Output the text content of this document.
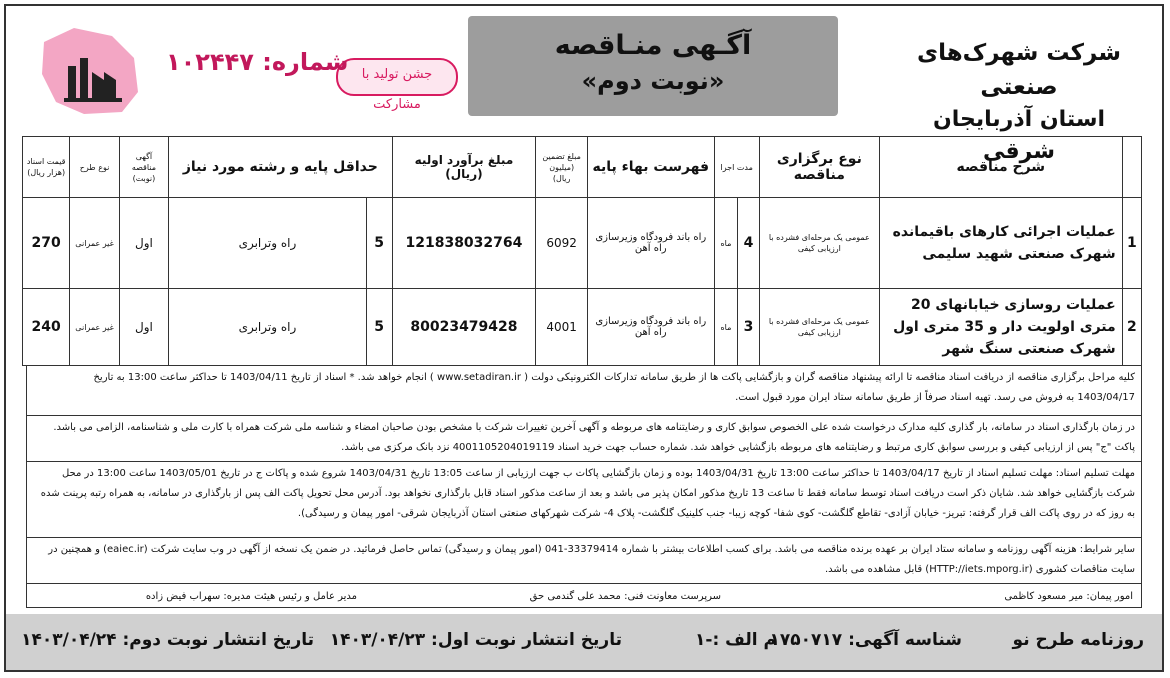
شرکت شهرک‌های صنعتی
استان آذربایجان شرقی
آگـهی منـاقصه
«نوبت دوم»
جشن تولید با مشارکت
شماره: ۱۰۲۴۴۷
	شرح مناقصه	نوع برگزاری مناقصه	مدت اجرا		فهرست بهاء پایه	مبلغ تضمین (میلیون ریال)	مبلغ برآورد اولیه (ریال)	حداقل پایه و رشته مورد نیاز		آگهی مناقصه (نوبت)	نوع طرح	قیمت اسناد (هزار ریال)
1	عملیات اجرائی کارهای باقیمانده شهرک صنعتی شهید سلیمی	عمومی یک مرحله‌ای فشرده با ارزیابی کیفی	4	ماه	راه باند فرودگاه وزیرسازی راه آهن	6092	121838032764	5	راه وترابری	اول	غیر عمرانی	270
2	عملیات روسازی خیابانهای 20 متری اولویت دار و 35 متری اول شهرک صنعتی سنگ شهر	عمومی یک مرحله‌ای فشرده با ارزیابی کیفی	3	ماه	راه باند فرودگاه وزیرسازی راه آهن	4001	80023479428	5	راه وترابری	اول	غیر عمرانی	240
کلیه مراحل برگزاری مناقصه از دریافت اسناد مناقصه تا ارائه پیشنهاد مناقصه گران و بازگشایی پاکت ها از طریق سامانه تدارکات الکترونیکی دولت ( www.setadiran.ir ) انجام خواهد شد. * اسناد از تاریخ 1403/04/11 تا حداکثر ساعت 13:00 به تاریخ 1403/04/17 به فروش می رسد. تهیه اسناد صرفاً از طریق سامانه ستاد ایران مورد قبول است.
در زمان بارگذاری اسناد در سامانه، بار گذاری کلیه مدارک درخواست شده علی الخصوص سوابق کاری و رضایتنامه های مربوطه و آگهی آخرین تغییرات شرکت با مشخص بودن صاحبان امضاء و شناسه ملی شرکت همراه با کارت ملی و شناسنامه، الزامی می باشد. پاکت "ج" پس از ارزیابی کیفی و بررسی سوابق کاری مرتبط و رضایتنامه های مربوطه بازگشایی خواهد شد. شماره حساب جهت خرید اسناد 4001105204019119 نزد بانک مرکزی می باشد.
مهلت تسلیم اسناد: مهلت تسلیم اسناد از تاریخ 1403/04/17 تا حداکثر ساعت 13:00 تاریخ 1403/04/31 بوده و زمان بازگشایی پاکات ب جهت ارزیابی از ساعت 13:05 تاریخ 1403/04/31 شروع شده و پاکات ج در تاریخ 1403/05/01 ساعت 13:00 در محل شرکت بازگشایی خواهد شد. شایان ذکر است دریافت اسناد توسط سامانه فقط تا ساعت 13 تاریخ مذکور امکان پذیر می باشد و بعد از ساعت مذکور اسناد قابل بارگذاری نخواهد بود. آدرس محل تحویل پاکت الف پس از بارگذاری در سامانه، به همراه رتبه پرینت شده به روز که در روی پاکت الف قرار گرفته: تبریز- خیابان آزادی- تقاطع گلگشت- کوی شفا- کوچه زیبا- جنب کلینیک گلگشت- پلاک 4- شرکت شهرکهای صنعتی استان آذربایجان شرقی- امور پیمان و رسیدگی).
سایر شرایط: هزینه آگهی روزنامه و سامانه ستاد ایران بر عهده برنده مناقصه می باشد. برای کسب اطلاعات بیشتر با شماره 33379414-041 (امور پیمان و رسیدگی) تماس حاصل فرمائید. در ضمن یک نسخه از آگهی در وب سایت شرکت (eaiec.ir) و همچنین در سایت مناقصات کشوری (HTTP://iets.mporg.ir) قابل مشاهده می باشد.
امور پیمان: میر مسعود کاظمی
سرپرست معاونت فنی: محمد علی گندمی حق
مدیر عامل و رئیس هیئت مدیره: سهراب فیض زاده
روزنامه طرح نو
شناسه آگهی: ۱۷۵۰۷۱۷
م الف :-۱
تاریخ انتشار نوبت اول: ۱۴۰۳/۰۴/۲۳
تاریخ انتشار نوبت دوم: ۱۴۰۳/۰۴/۲۴
